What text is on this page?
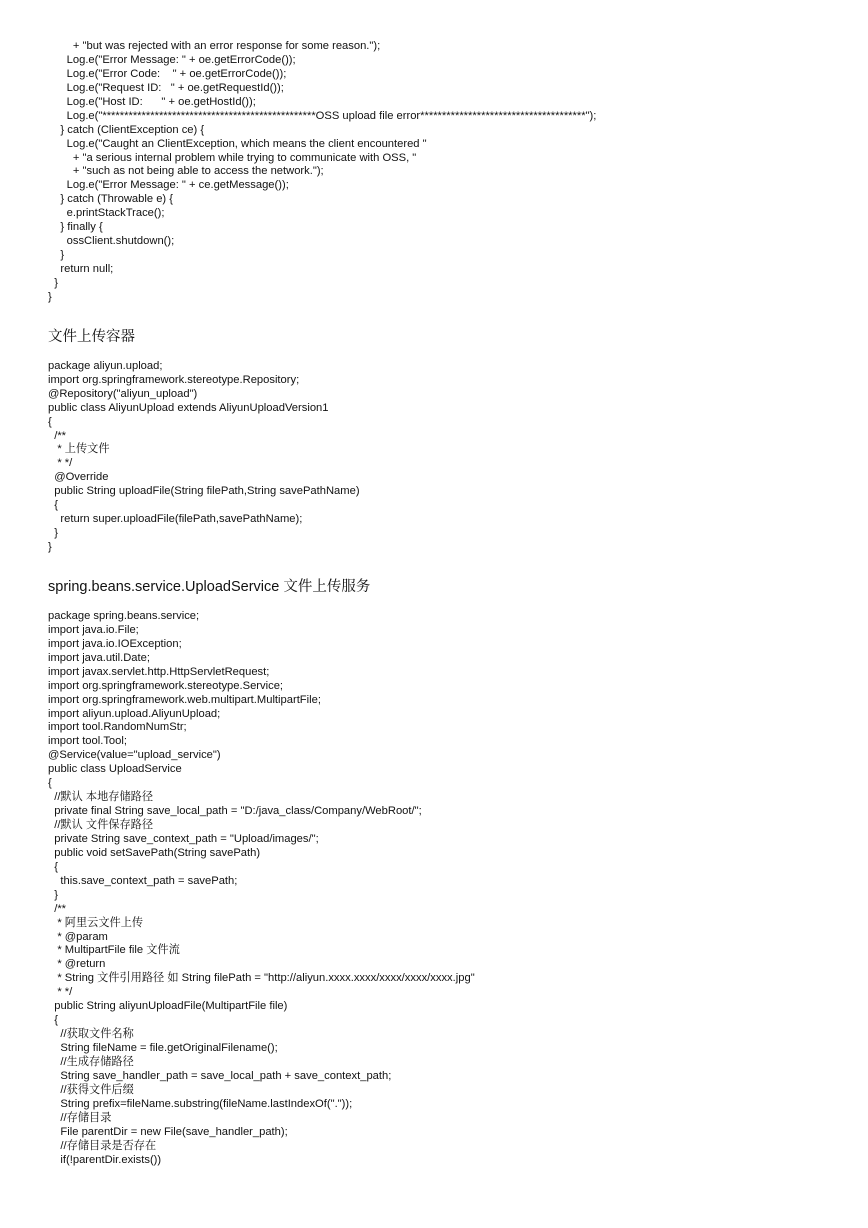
+ "but was rejected with an error response for some reason.");
Log.e("Error Message: " + oe.getErrorCode());
Log.e("Error Code:    " + oe.getErrorCode());
Log.e("Request ID:   " + oe.getRequestId());
Log.e("Host ID:      " + oe.getHostId());
Log.e("*************************************************OSS upload file error**************************************");
} catch (ClientException ce) {
Log.e("Caught an ClientException, which means the client encountered "
+ "a serious internal problem while trying to communicate with OSS, "
+ "such as not being able to access the network.");
Log.e("Error Message: " + ce.getMessage());
} catch (Throwable e) {
e.printStackTrace();
} finally {
ossClient.shutdown();
}
return null;
}
}
文件上传容器
package aliyun.upload;
import org.springframework.stereotype.Repository;
@Repository("aliyun_upload")
public class AliyunUpload extends AliyunUploadVersion1
{
/**
* 上传文件
* */
@Override
public String uploadFile(String filePath,String savePathName)
{
return super.uploadFile(filePath,savePathName);
}
}
spring.beans.service.UploadService 文件上传服务
package spring.beans.service;
import java.io.File;
import java.io.IOException;
import java.util.Date;
import javax.servlet.http.HttpServletRequest;
import org.springframework.stereotype.Service;
import org.springframework.web.multipart.MultipartFile;
import aliyun.upload.AliyunUpload;
import tool.RandomNumStr;
import tool.Tool;
@Service(value="upload_service")
public class UploadService
{
//默认 本地存储路径
private final String save_local_path = "D:/java_class/Company/WebRoot/";
//默认 文件保存路径
private String save_context_path = "Upload/images/";
public void setSavePath(String savePath)
{
this.save_context_path = savePath;
}
/**
* 阿里云文件上传
* @param
* MultipartFile file 文件流
* @return
* String 文件引用路径 如 String filePath = "http://aliyun.xxxx.xxxx/xxxx/xxxx/xxxx.jpg"
* */
public String aliyunUploadFile(MultipartFile file)
{
//获取文件名称
String fileName = file.getOriginalFilename();
//生成存储路径
String save_handler_path = save_local_path + save_context_path;
//获得文件后缀
String prefix=fileName.substring(fileName.lastIndexOf("."));
//存储目录
File parentDir = new File(save_handler_path);
//存储目录是否存在
if(!parentDir.exists())
